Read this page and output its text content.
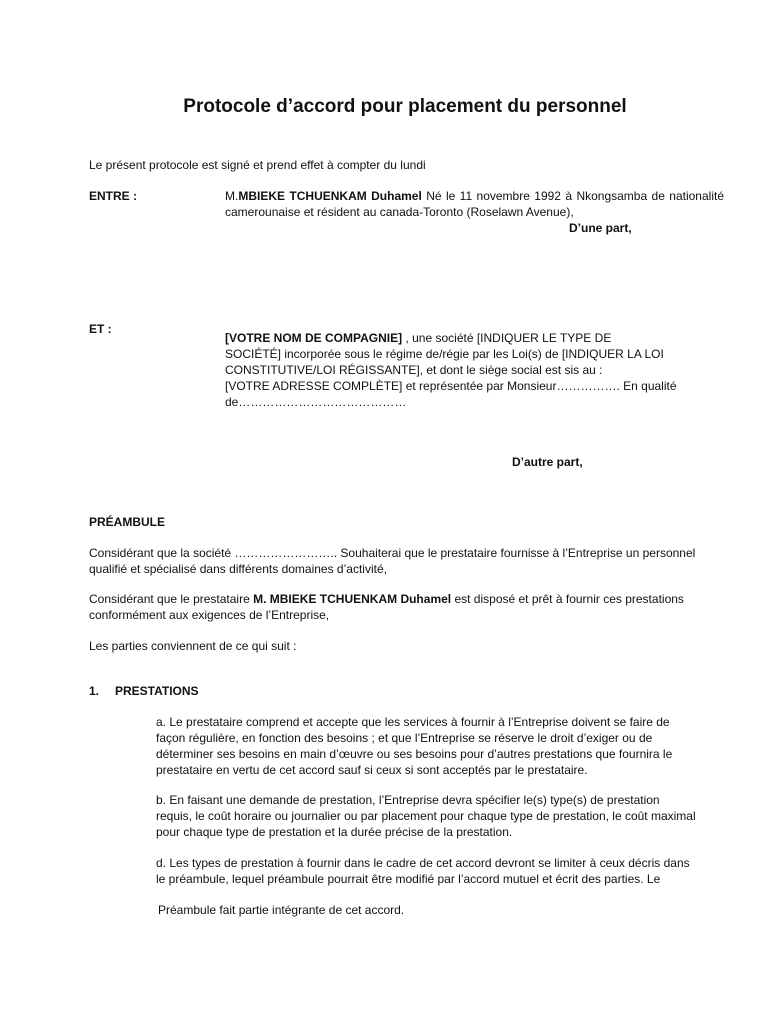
Protocole d’accord pour placement du personnel
Le présent protocole est signé et prend effet à compter du lundi
ENTRE :	M.MBIEKE TCHUENKAM Duhamel Né le 11 novembre 1992 à Nkongsamba de nationalité camerounaise et résident au canada-Toronto (Roselawn Avenue),
D’une part,
ET :
[VOTRE NOM DE COMPAGNIE] , une société [INDIQUER LE TYPE DE
SOCIÉTÉ] incorporée sous le régime de/régie par les Loi(s) de [INDIQUER LA LOI
CONSTITUTIVE/LOI RÉGISSANTE], et dont le siège social est sis au :
[VOTRE ADRESSE COMPLÈTE] et représentée par Monsieur……………. En qualité
de……………………………………
D’autre part,
PRÉAMBULE
Considérant que la société …………………….. Souhaiterai que le prestataire fournisse à l’Entreprise un personnel
qualifié et spécialisé dans différents domaines d’activité,
Considérant que le prestataire M. MBIEKE TCHUENKAM Duhamel est disposé et prêt à fournir ces prestations
conformément aux exigences de l’Entreprise,
Les parties conviennent de ce qui suit :
1. PRESTATIONS
a. Le prestataire comprend et accepte que les services à fournir à l’Entreprise doivent se faire de
façon régulière, en fonction des besoins ; et que l’Entreprise se réserve le droit d’exiger ou de
déterminer ses besoins en main d’œuvre ou ses besoins pour d’autres prestations que fournira le
prestataire en vertu de cet accord sauf si ceux si sont acceptés par le prestataire.
b. En faisant une demande de prestation, l’Entreprise devra spécifier le(s) type(s) de prestation
requis, le coût horaire ou journalier ou par placement pour chaque type de prestation, le coût maximal
pour chaque type de prestation et la durée précise de la prestation.
d. Les types de prestation à fournir dans le cadre de cet accord devront se limiter à ceux décris dans
le préambule, lequel préambule pourrait être modifié par l’accord mutuel et écrit des parties. Le
Préambule fait partie intégrante de cet accord.
